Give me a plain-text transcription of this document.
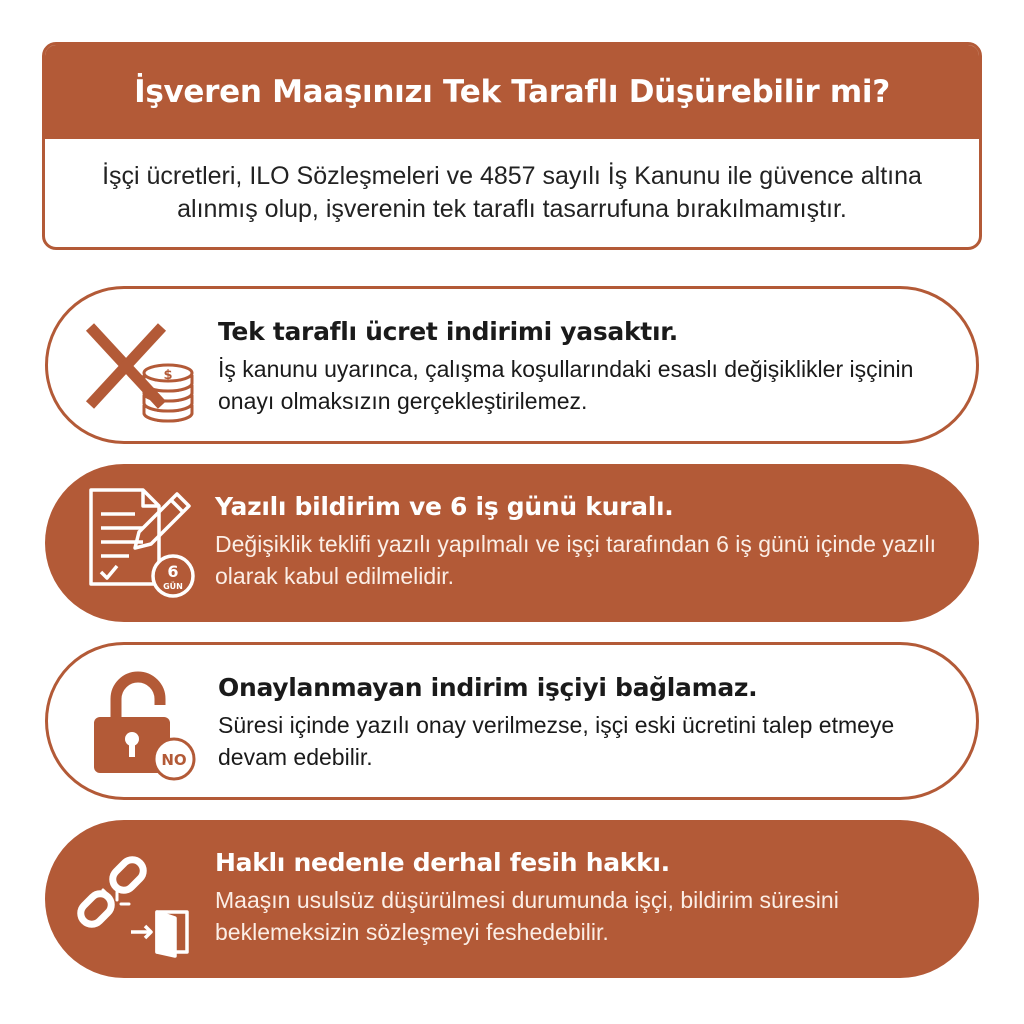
İşveren Maaşınızı Tek Taraflı Düşürebilir mi?
İşçi ücretleri, ILO Sözleşmeleri ve 4857 sayılı İş Kanunu ile güvence altına alınmış olup, işverenin tek taraflı tasarrufuna bırakılmamıştır.
$
Tek taraflı ücret indirimi yasaktır.
İş kanunu uyarınca, çalışma koşullarındaki esaslı değişiklikler işçinin onayı olmaksızın gerçekleştirilemez.
6
GÜN
Yazılı bildirim ve 6 iş günü kuralı.
Değişiklik teklifi yazılı yapılmalı ve işçi tarafından 6 iş günü içinde yazılı olarak kabul edilmelidir.
NO
Onaylanmayan indirim işçiyi bağlamaz.
Süresi içinde yazılı onay verilmezse, işçi eski ücretini talep etmeye devam edebilir.
Haklı nedenle derhal fesih hakkı.
Maaşın usulsüz düşürülmesi durumunda işçi, bildirim süresini beklemeksizin sözleşmeyi feshedebilir.
